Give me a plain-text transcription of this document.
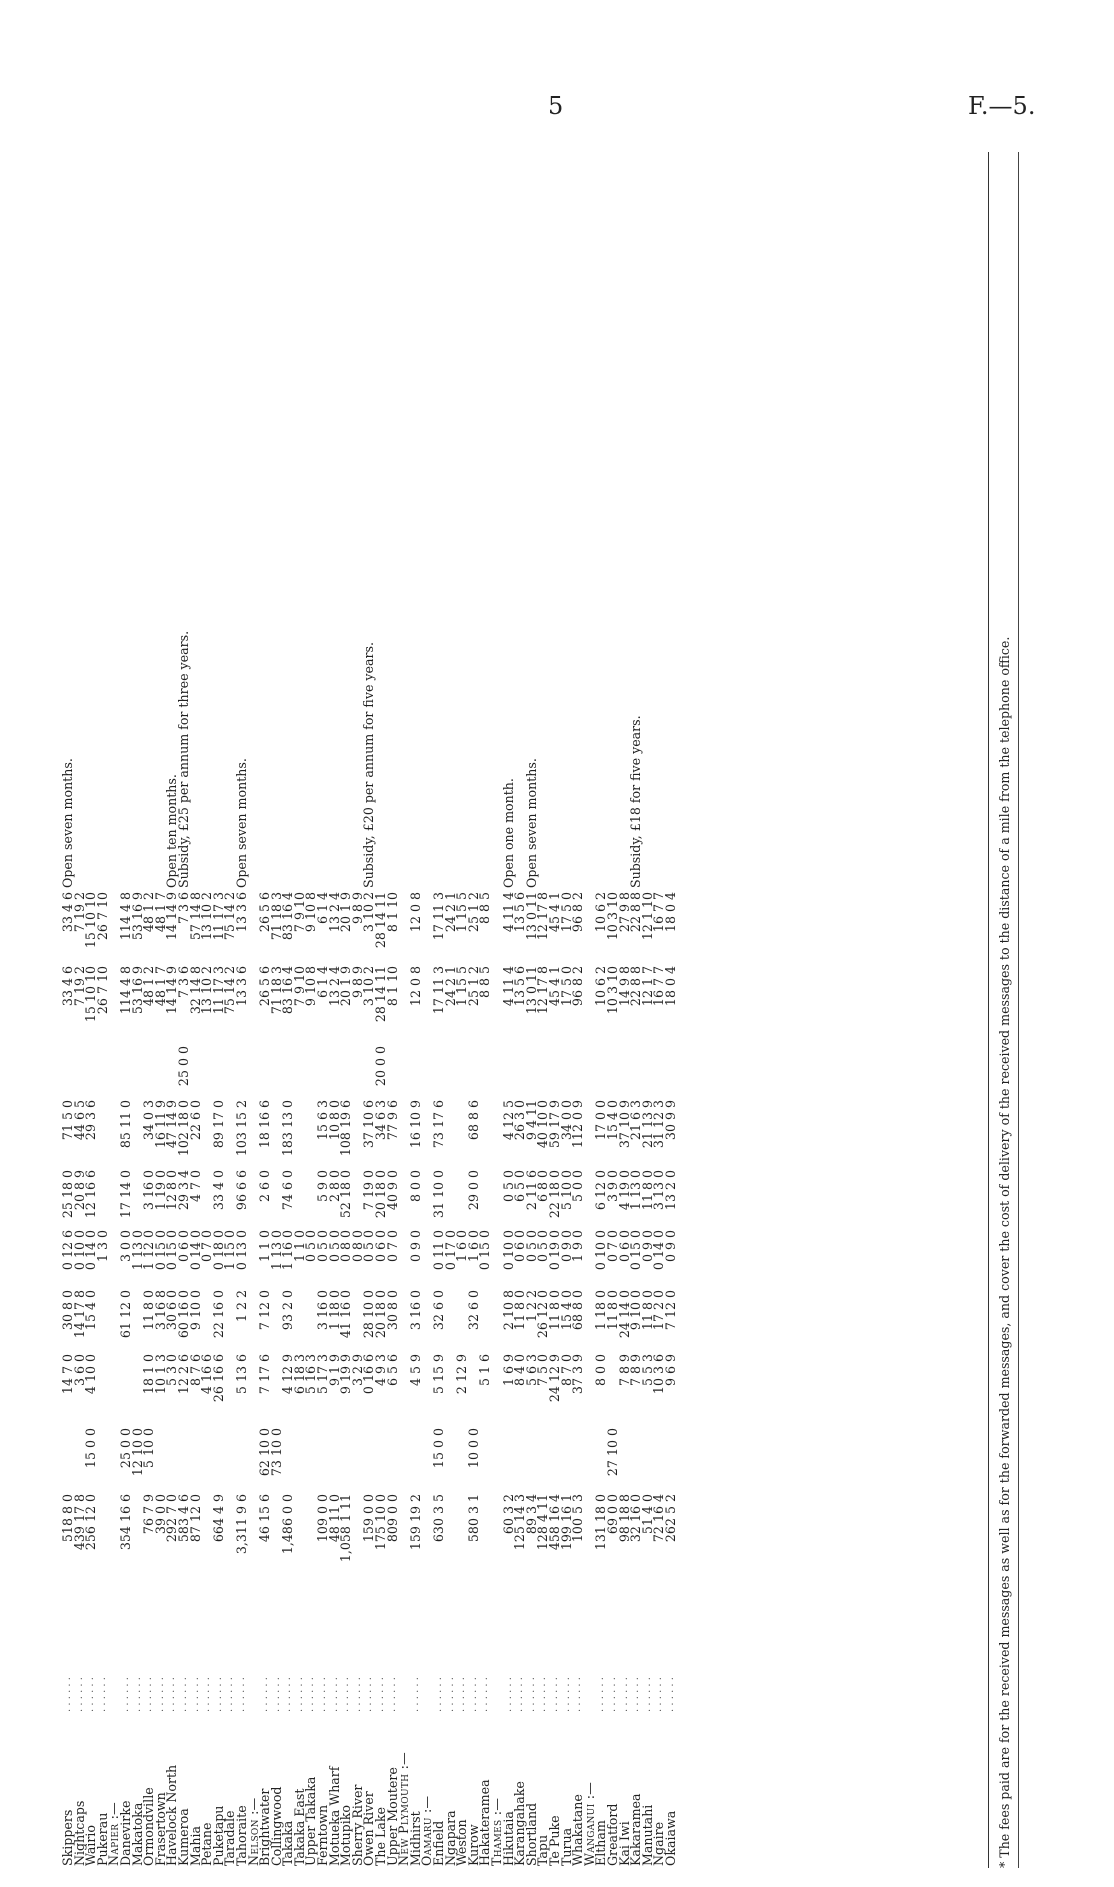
5	F.—5.
Skippers	. . . . . .	518 8 0		14 7 0	30 8 0	0 12 6	25 18 0	71 5 0		33 4 6	33 4 6	Open seven months.
Nightcaps	. . . . . .	439 17 8		3 6 0	14 17 8	0 10 0	20 8 9	44 6 5		7 19 2	7 19 2	
Wairio	. . . . . .	256 12 0	15 0 0	4 10 0	15 4 0	0 14 0	12 16 6	29 3 6		15 10 10	15 10 10	
Pukerau	. . . . . .					1 3 0				26 7 10	26 7 10	
Napier :—												
Danevirke	. . . . . .	354 16 6	25 0 0		61 12 0	3 0 0	17 14 0	85 11 0		114 4 8	114 4 8	
Makatoka	. . . . . .		12 10 0			1 13 0				53 16 9	53 16 9	
Ormondville	. . . . . .	76 7 9	5 10 0	18 1 0	11 8 0	1 12 0	3 16 0	34 0 3		48 1 2	48 1 2	
Frasertown	. . . . . .	39 0 0		10 1 3	3 16 8	0 15 0	1 19 0	16 11 9		48 1 7	48 1 7	
Havelock North	. . . . . .	292 7 0		5 3 0	30 6 0	0 15 0	12 8 0	47 14 9		14 14 9	14 14 9	Open ten months.
Kumeroa	. . . . . .	583 4 6		12 2 6	60 16 0	0 6 0	29 3 4	102 18 0	25 0 0	7 3 6	7 3 6	Subsidy, £25 per annum for three years.
Mahia	. . . . . .	87 12 0		8 7 6	9 10 0	0 14 0	4 7 0	22 6 0		32 14 8	57 14 8	
Petane	. . . . . .			4 16 6		0 7 0				13 10 2	13 10 2	
Puketapu	. . . . . .	664 4 9		26 16 6	22 16 0	0 18 0	33 4 0	89 17 0		11 17 3	11 17 3	
Taradale	. . . . . .					1 15 0				75 14 2	75 14 2	
Tahoraite	. . . . . .	3,311 9 6		5 13 6	1 2 2	0 13 0	96 6 6	103 15 2		13 3 6	13 3 6	Open seven months.
Nelson :—												
Brightwater	. . . . . .	46 15 6	62 10 0	7 17 6	7 12 0	1 1 0	2 6 0	18 16 6		26 5 6	26 5 6	
Collingwood	. . . . . .		73 10 0			1 13 0				71 18 3	71 18 3	
Takaka	. . . . . .	1,486 0 0		4 12 9	93 2 0	1 16 0	74 6 0	183 13 0		83 16 4	83 16 4	
Takaka East	. . . . . .			6 18 3		1 1 0				7 9 10	7 9 10	
Upper Takaka	. . . . . .			5 16 3		0 5 0				9 10 8	9 10 8	
Ferntown	. . . . . .	109 0 0		5 17 3	3 16 0	0 5 0	5 9 0	15 6 3		6 1 4	6 1 4	
Motueka Wharf	. . . . . .	48 11 0		9 1 9	1 18 0	0 5 0	2 8 0	10 8 0		13 2 4	13 2 4	
Motupiko	. . . . . .	1,058 1 11		9 19 9	41 16 0	0 8 0	52 18 0	108 19 6		20 1 9	20 1 9	
Sherry River	. . . . . .			3 2 9		0 8 0				9 8 9	9 8 9	
Owen River	. . . . . .	159 0 0		0 16 6	28 10 0	0 5 0	7 19 0	37 10 6		3 10 2	3 10 2	Subsidy, £20 per annum for five years.
The Lake	. . . . . .	175 10 0		4 9 3	20 18 0	0 6 0	20 18 0	34 6 3	20 0 0	28 14 11	28 14 11	
Upper Moutere	. . . . . .	809 0 0		6 5 6	30 8 0	0 7 0	40 9 0	77 9 6		8 1 10	8 1 10	
New Plymouth :—												
Midhirst	. . . . . .	159 19 2		4 5 9	3 16 0	0 9 0	8 0 0	16 10 9		12 0 8	12 0 8	
Oamaru :—												
Enfield	. . . . . .	630 3 5	15 0 0	5 15 9	32 6 0	0 11 0	31 10 0	73 17 6		17 11 3	17 11 3	
Ngapara	. . . . . .					0 17 0				24 2 1	24 2 1	
Weston	. . . . . .			2 12 9		1 6 0				1 15 5	1 15 5	
Kurow	. . . . . .	580 3 1	10 0 0		32 6 0	1 6 0	29 0 0	68 8 6		25 1 2	25 1 2	
Hakateramea	. . . . . .			5 1 6		0 15 0				8 8 5	8 8 5	
Thames :—												
Hikutaia	. . . . . .	60 3 2		1 6 9	2 10 8	0 10 0	0 5 0	4 12 5		4 11 4	4 11 4	Open one month.
Karangahake	. . . . . .	125 14 3		8 4 0	11 8 0	0 6 0	6 5 0	26 3 0		13 5 6	13 5 6	
Shortland	. . . . . .	89 3 4		5 6 3	1 2 2	0 5 0	2 11 6	9 4 11		13 0 11	13 0 11	Open seven months.
Tapu	. . . . . .	128 4 11		7 5 0	26 12 0	0 5 0	6 8 0	40 10 0		12 17 8	12 17 8	
Te Puke	. . . . . .	458 16 4		24 12 9	11 8 0	0 19 0	22 18 0	59 17 9		45 4 1	45 4 1	
Turua	. . . . . .	199 16 1		8 7 0	15 4 0	0 9 0	5 10 0	34 0 0		17 5 0	17 5 0	
Whakatane	. . . . . .	100 5 3		37 3 9	68 8 0	1 9 0	5 0 0	112 0 9		96 8 2	96 8 2	
Wanganui :—												
Eltham	. . . . . .	131 18 0		8 0 0	1 18 0	0 10 0	6 12 0	17 0 0		10 6 2	10 6 2	
Greatford	. . . . . .	69 0 0	27 10 0		11 8 0	0 7 0	3 9 0	15 4 0		10 3 10	10 3 10	
Kai Iwi	. . . . . .	98 18 8		7 8 9	24 14 0	0 6 0	4 19 0	37 10 9		14 9 8	27 9 8	
Kakaramea	. . . . . .	32 16 0		7 8 9	9 10 0	0 15 0	1 13 0	21 6 3		22 8 8	22 8 8	Subsidy, £18 for five years.
Manutahi	. . . . . .	51 4 0		5 5 3	11 8 0	0 9 0	11 8 0	21 13 9		12 1 7	12 1 10	
Ngaire	. . . . . .	72 16 4		10 3 6	17 2 0	0 14 0	3 13 0	31 12 3		16 7 7	16 7 7	
Okaiawa	. . . . . .	262 5 2		9 6 9	7 12 0	0 9 0	13 2 0	30 9 9		18 0 4	18 0 4		* The fees paid are for the received messages as well as for the forwarded messages, and cover the cost of delivery of the received messages to the distance of a mile from the telephone office.
